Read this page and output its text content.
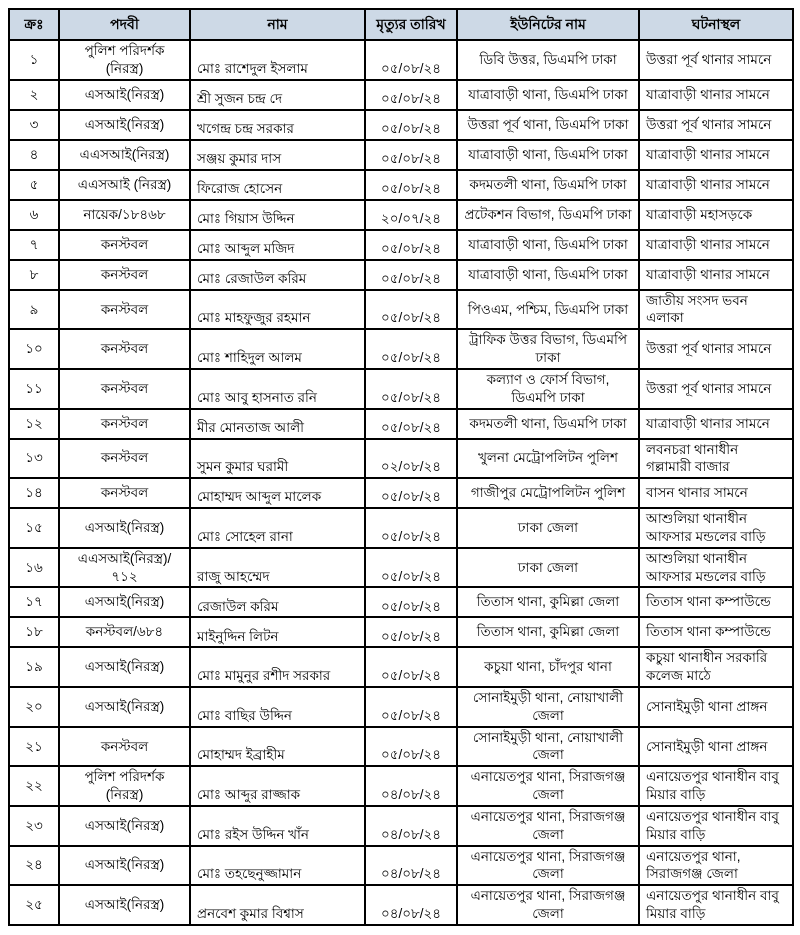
ক্রঃ	পদবী	নাম	মৃত্যুর তারিখ	ইউনিটের নাম	ঘটনাস্থল
১	পুলিশ পরিদর্শক (নিরস্ত্র)	মোঃ রাশেদুল ইসলাম	০৫/০৮/২৪	ডিবি উত্তর, ডিএমপি ঢাকা	উত্তরা পূর্ব থানার সামনে
২	এসআই(নিরস্ত্র)	শ্রী সুজন চন্দ্র দে	০৫/০৮/২৪	যাত্রাবাড়ী থানা, ডিএমপি ঢাকা	যাত্রাবাড়ী থানার সামনে
৩	এসআই(নিরস্ত্র)	খগেন্দ্র চন্দ্র সরকার	০৫/০৮/২৪	উত্তরা পূর্ব থানা, ডিএমপি ঢাকা	উত্তরা পূর্ব থানার সামনে
৪	এএসআই(নিরস্ত্র)	সঞ্জয় কুমার দাস	০৫/০৮/২৪	যাত্রাবাড়ী থানা, ডিএমপি ঢাকা	যাত্রাবাড়ী থানার সামনে
৫	এএসআই (নিরস্ত্র)	ফিরোজ হোসেন	০৫/০৮/২৪	কদমতলী থানা, ডিএমপি ঢাকা	যাত্রাবাড়ী থানার সামনে
৬	নায়েক/১৮৪৬৮	মোঃ গিয়াস উদ্দিন	২০/০৭/২৪	প্রটেকশন বিভাগ, ডিএমপি ঢাকা	যাত্রাবাড়ী মহাসড়কে
৭	কনস্টবল	মোঃ আব্দুল মজিদ	০৫/০৮/২৪	যাত্রাবাড়ী থানা, ডিএমপি ঢাকা	যাত্রাবাড়ী থানার সামনে
৮	কনস্টবল	মোঃ রেজাউল করিম	০৫/০৮/২৪	যাত্রাবাড়ী থানা, ডিএমপি ঢাকা	যাত্রাবাড়ী থানার সামনে
৯	কনস্টবল	মোঃ মাহফুজুর রহমান	০৫/০৮/২৪	পিওএম, পশ্চিম, ডিএমপি ঢাকা	জাতীয় সংসদ ভবন এলাকা
১০	কনস্টবল	মোঃ শাহিদুল আলম	০৫/০৮/২৪	ট্রাফিক উত্তর বিভাগ, ডিএমপি ঢাকা	উত্তরা পূর্ব থানার সামনে
১১	কনস্টবল	মোঃ আবু হাসনাত রনি	০৫/০৮/২৪	কল্যাণ ও ফোর্স বিভাগ, ডিএমপি ঢাকা	উত্তরা পূর্ব থানার সামনে
১২	কনস্টবল	মীর মোনতাজ আলী	০৫/০৮/২৪	কদমতলী থানা, ডিএমপি ঢাকা	যাত্রাবাড়ী থানার সামনে
১৩	কনস্টবল	সুমন কুমার ঘরামী	০২/০৮/২৪	খুলনা মেট্রোপলিটন পুলিশ	লবনচরা থানাধীন গল্লামারী বাজার
১৪	কনস্টবল	মোহাম্মদ আব্দুল মালেক	০৫/০৮/২৪	গাজীপুর মেট্রোপলিটন পুলিশ	বাসন থানার সামনে
১৫	এসআই(নিরস্ত্র)	মোঃ সোহেল রানা	০৫/০৮/২৪	ঢাকা জেলা	আশুলিয়া থানাধীন আফসার মন্ডলের বাড়ি
১৬	এএসআই(নিরস্ত্র)/৭১২	রাজু আহম্মেদ	০৫/০৮/২৪	ঢাকা জেলা	আশুলিয়া থানাধীন আফসার মন্ডলের বাড়ি
১৭	এসআই(নিরস্ত্র)	রেজাউল করিম	০৫/০৮/২৪	তিতাস থানা, কুমিল্লা জেলা	তিতাস থানা কম্পাউন্ডে
১৮	কনস্টবল/৬৮৪	মাইনুদ্দিন লিটন	০৫/০৮/২৪	তিতাস থানা, কুমিল্লা জেলা	তিতাস থানা কম্পাউন্ডে
১৯	এসআই(নিরস্ত্র)	মোঃ মামুনুর রশীদ সরকার	০৫/০৮/২৪	কচুয়া থানা, চাঁদপুর থানা	কচুয়া থানাধীন সরকারি কলেজ মাঠে
২০	এসআই(নিরস্ত্র)	মোঃ বাছির উদ্দিন	০৫/০৮/২৪	সোনাইমুড়ী থানা, নোয়াখালী জেলা	সোনাইমুড়ী থানা প্রাঙ্গন
২১	কনস্টবল	মোহাম্মদ ইব্রাহীম	০৫/০৮/২৪	সোনাইমুড়ী থানা, নোয়াখালী জেলা	সোনাইমুড়ী থানা প্রাঙ্গন
২২	পুলিশ পরিদর্শক (নিরস্ত্র)	মোঃ আব্দুর রাজ্জাক	০৪/০৮/২৪	এনায়েতপুর থানা, সিরাজগঞ্জ জেলা	এনায়েতপুর থানাধীন বাবু মিয়ার বাড়ি
২৩	এসআই(নিরস্ত্র)	মোঃ রইস উদ্দিন খাঁন	০৪/০৮/২৪	এনায়েতপুর থানা, সিরাজগঞ্জ জেলা	এনায়েতপুর থানাধীন বাবু মিয়ার বাড়ি
২৪	এসআই(নিরস্ত্র)	মোঃ তহছেনুজ্জামান	০৪/০৮/২৪	এনায়েতপুর থানা, সিরাজগঞ্জ জেলা	এনায়েতপুর থানা, সিরাজগঞ্জ জেলা
২৫	এসআই(নিরস্ত্র)	প্রনবেশ কুমার বিশ্বাস	০৪/০৮/২৪	এনায়েতপুর থানা, সিরাজগঞ্জ জেলা	এনায়েতপুর থানাধীন বাবু মিয়ার বাড়ি
